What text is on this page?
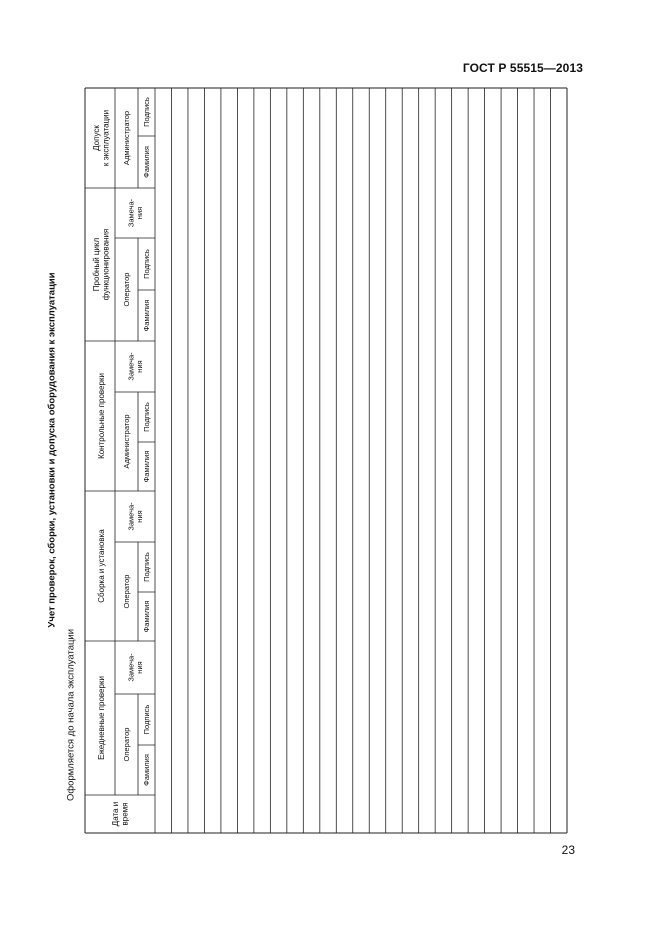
ГОСТ Р 55515—2013
23
Учет проверок, сборки, установки и допуска оборудования к эксплуатации
Оформляется до начала эксплуатации
Дата ивремя
Ежедневные проверки
Замеча-ния
Оператор
Подпись
Фамилия
Сборка и установка
Замеча-ния
Оператор
Подпись
Фамилия
Контрольные проверки
Замеча-ния
Администратор Подпись
Фамилия
Пробный циклфункционирования
Замеча-ния
Оператор
Подпись
Фамилия
Допускк эксплуатации Администратор Подпись
Фамилия
